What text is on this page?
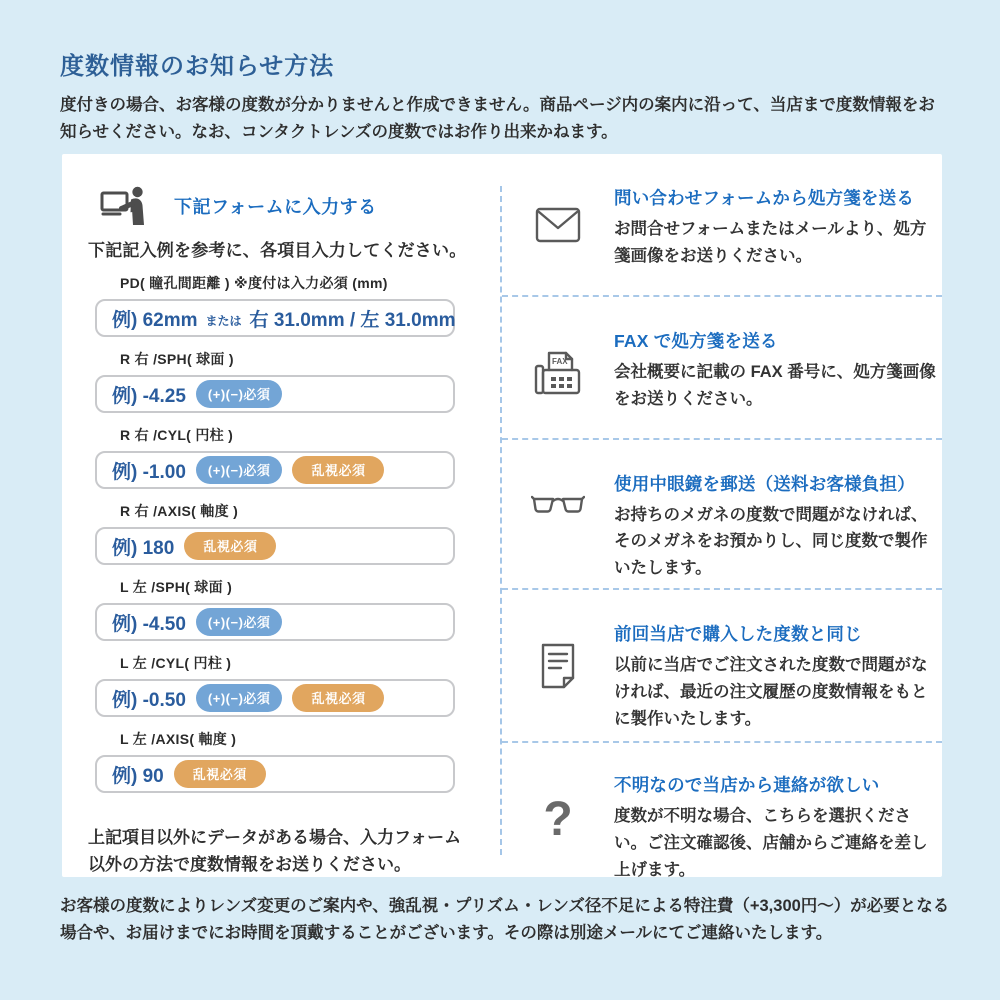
度数情報のお知らせ方法

度付きの場合、お客様の度数が分かりませんと作成できません。商品ページ内の案内に沿って、当店まで度数情報をお知らせください。なお、コンタクトレンズの度数ではお作り出来かねます。

下記フォームに入力する

下記記入例を参考に、各項目入力してください。

PD( 瞳孔間距離 ) ※度付は入力必須 (mm)
例) 62mm または 右 31.0mm / 左 31.0mm
R 右 /SPH( 球面 )
例) -4.25	(+)(−)必須
R 右 /CYL( 円柱 )
例) -1.00	(+)(−)必須	乱視必須
R 右 /AXIS( 軸度 )
例) 180	乱視必須
L 左 /SPH( 球面 )
例) -4.50	(+)(−)必須
L 左 /CYL( 円柱 )
例) -0.50	(+)(−)必須	乱視必須
L 左 /AXIS( 軸度 )
例) 90	乱視必須

上記項目以外にデータがある場合、入力フォーム以外の方法で度数情報をお送りください。

問い合わせフォームから処方箋を送る
お問合せフォームまたはメールより、処方箋画像をお送りください。
FAX
FAX で処方箋を送る
会社概要に記載の FAX 番号に、処方箋画像をお送りください。
使用中眼鏡を郵送（送料お客様負担）
お持ちのメガネの度数で問題がなければ、そのメガネをお預かりし、同じ度数で製作いたします。
前回当店で購入した度数と同じ
以前に当店でご注文された度数で問題がなければ、最近の注文履歴の度数情報をもとに製作いたします。
?
不明なので当店から連絡が欲しい
度数が不明な場合、こちらを選択ください。ご注文確認後、店舗からご連絡を差し上げます。

お客様の度数によりレンズ変更のご案内や、強乱視・プリズム・レンズ径不足による特注費（+3,300円〜）が必要となる場合や、お届けまでにお時間を頂戴することがございます。その際は別途メールにてご連絡いたします。
